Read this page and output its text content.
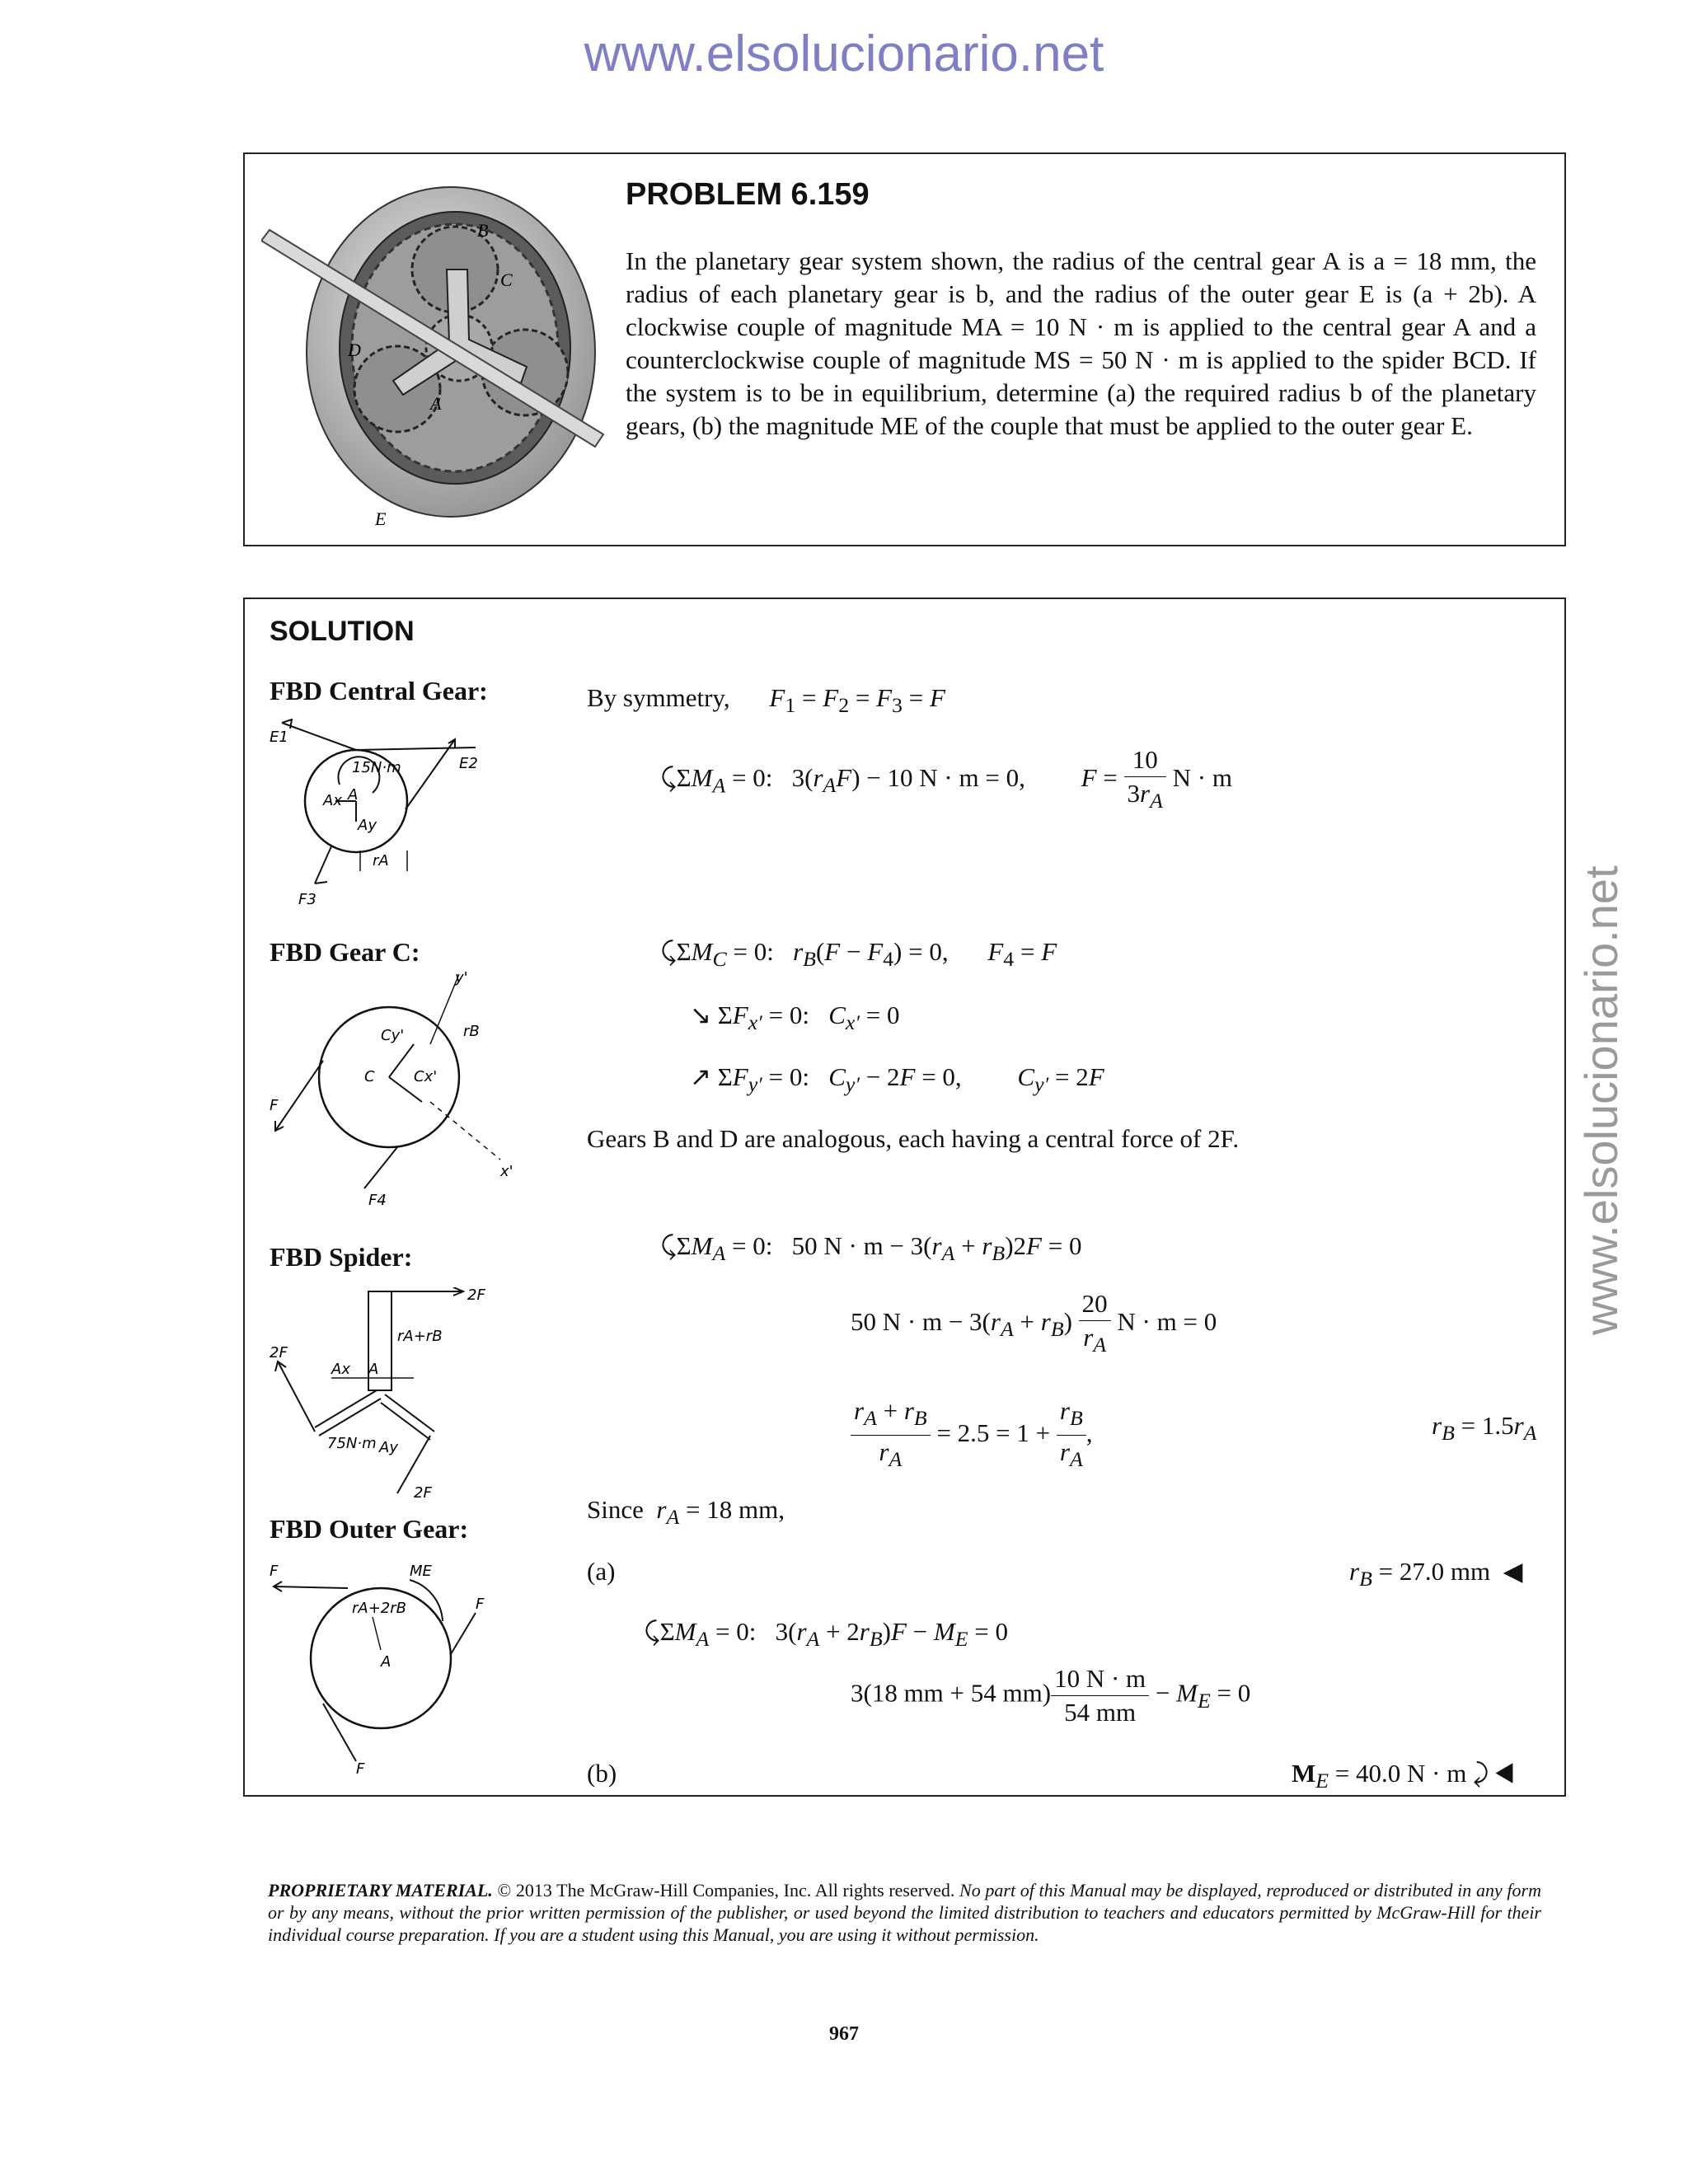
www.elsolucionario.net
www.elsolucionario.net
B
C
D
A
E
PROBLEM 6.159
In the planetary gear system shown, the radius of the central gear A is a = 18 mm, the radius of each planetary gear is b, and the radius of the outer gear E is (a + 2b). A clockwise couple of magnitude MA = 10 N · m is applied to the central gear A and a counterclockwise couple of magnitude MS = 50 N · m is applied to the spider BCD. If the system is to be in equilibrium, determine (a) the required radius b of the planetary gears, (b) the magnitude ME of the couple that must be applied to the outer gear E.
SOLUTION
FBD Central Gear:
FBD Gear C:
FBD Spider:
FBD Outer Gear:
E1
E2
F3
15N·m
Ax A
Ay
rA
y'
rB
Cy'
C	Cx'
F
F4
x'
2F
2F
2F
rA+rB
Ax A
75N·m Ay
F	ME
F
rA+2rB
A
F
By symmetry, $F_1 = F_2 = F_3 = F$
$⤹\Sigma M_A = 0$:   $3(r_AF) - 10$ N · m = 0, $F = \frac{10}{3r_A}$ N · m
$⤹\Sigma M_C = 0$:   $r_B(F - F_4) = 0$, $F_4 = F$
↘ $\Sigma F_{x'} = 0$:   $C_{x'} = 0$
↗ $\Sigma F_{y'} = 0$:   $C_{y'} - 2F = 0$, $C_{y'} = 2F$
Gears B and D are analogous, each having a central force of 2F.
$⤹\Sigma M_A = 0$:   50 $N \cdot m - 3(r_A + r_B)2F = 0$
50 $N \cdot m - 3(r_A + r_B) \frac{20}{r_A}$ N · m = 0
$\frac{r_A + r_B}{r_A} = 2.5 = 1 + \frac{r_B}{r_A}$ ,	$r_B = 1.5r_A$
Since $r_A = 18$ mm,
(a)	$r_B = 27.0$ mm  ◀
$⤹\Sigma M_A = 0$:   $3(r_A + 2r_B)F - M_E = 0$
3(18 mm + 54 $mm) \frac{10 N \cdot m}{54 mm} - M_E = 0$
(b)	$M_E = 40.0$ N · m ⤸ ◀
PROPRIETARY MATERIAL. © 2013 The McGraw-Hill Companies, Inc. All rights reserved. No part of this Manual may be displayed, reproduced or distributed in any form or by any means, without the prior written permission of the publisher, or used beyond the limited distribution to teachers and educators permitted by McGraw-Hill for their individual course preparation. If you are a student using this Manual, you are using it without permission.
967
